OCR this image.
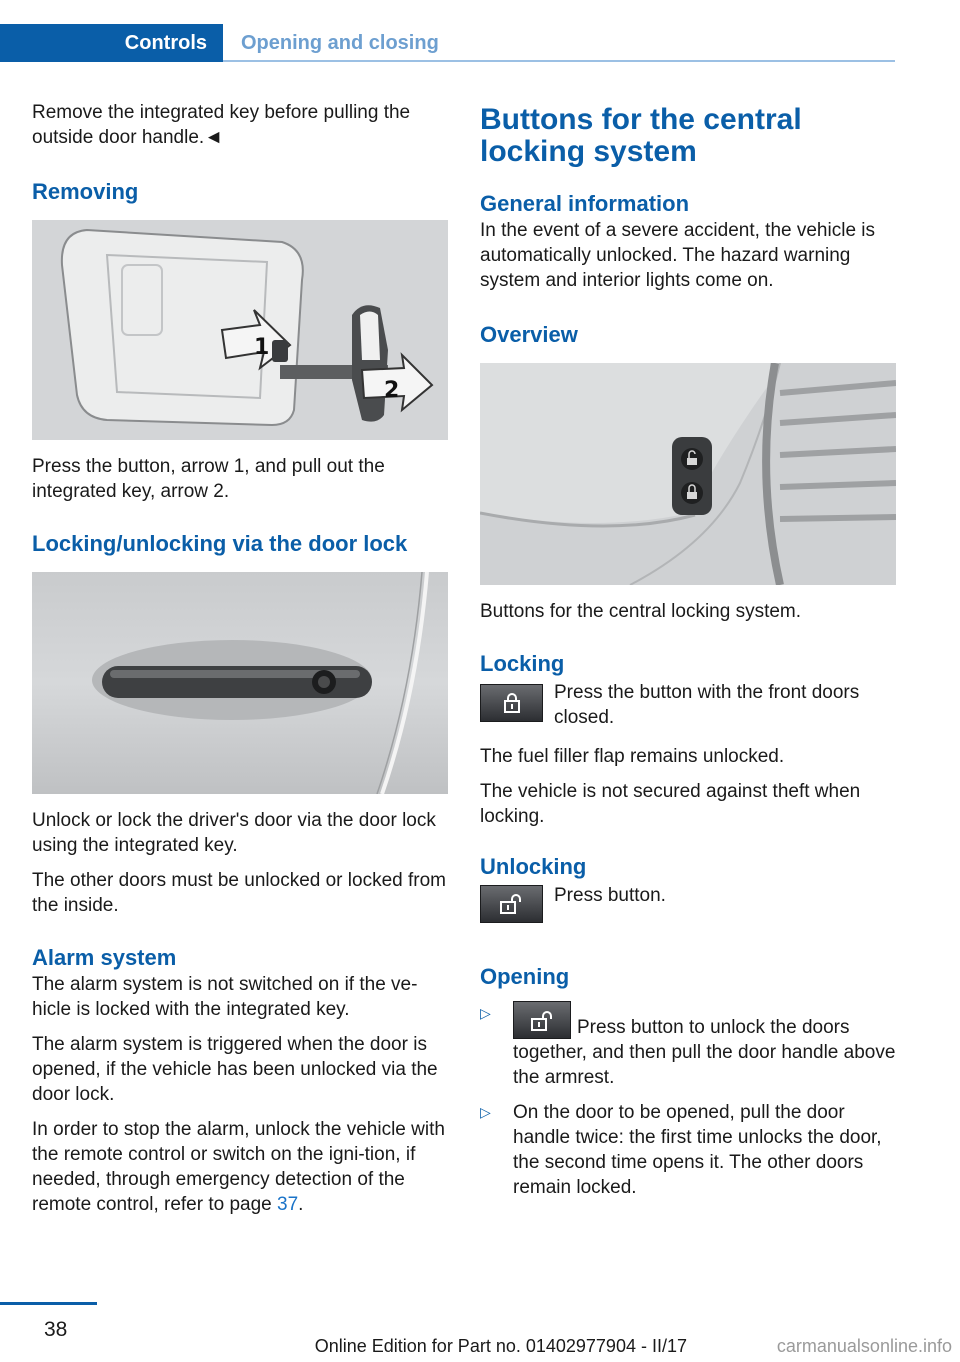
Controls	Opening and closing

Remove the integrated key before pulling the outside door handle.◄

Removing
1
2

Press the button, arrow 1, and pull out the integrated key, arrow 2.

Locking/unlocking via the door lock

Unlock or lock the driver's door via the door lock using the integrated key.

The other doors must be unlocked or locked from the inside.

Alarm system

The alarm system is not switched on if the ve‐hicle is locked with the integrated key.

The alarm system is triggered when the door is opened, if the vehicle has been unlocked via the door lock.

In order to stop the alarm, unlock the vehicle with the remote control or switch on the igni‐tion, if needed, through emergency detection of the remote control, refer to page 37.

Buttons for the central locking system
General information

In the event of a severe accident, the vehicle is automatically unlocked. The hazard warning system and interior lights come on.

Overview

Buttons for the central locking system.

Locking

Press the button with the front doors closed.

The fuel filler flap remains unlocked.

The vehicle is not secured against theft when locking.

Unlocking

Press button.

Opening
▷
Press button to unlock the doors together, and then pull the door handle above the armrest.
▷ On the door to be opened, pull the door handle twice: the first time unlocks the door, the second time opens it. The other doors remain locked.
38
Online Edition for Part no. 01402977904 - II/17	carmanualsonline.info
